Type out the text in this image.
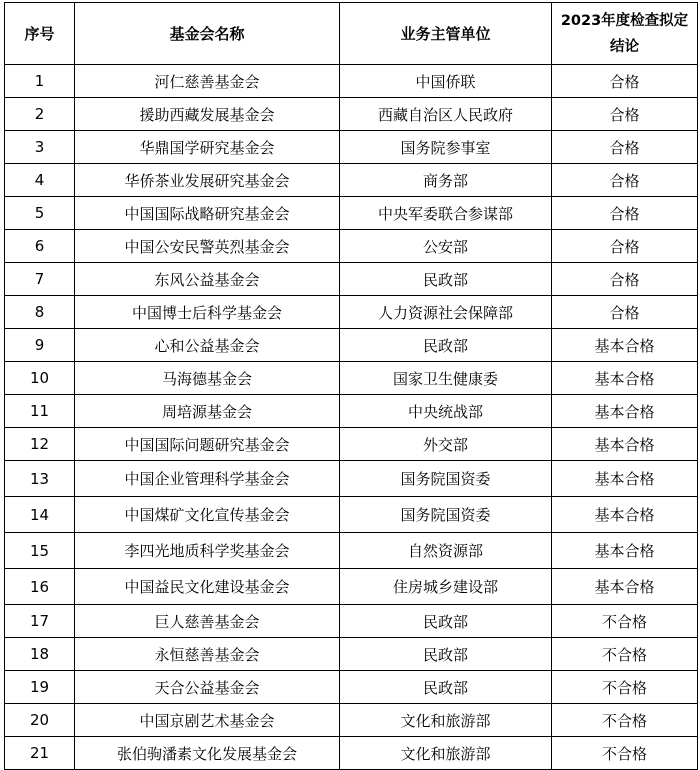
序号	基金会名称	业务主管单位	2023年度检查拟定结论
1	河仁慈善基金会	中国侨联	合格
2	援助西藏发展基金会	西藏自治区人民政府	合格
3	华鼎国学研究基金会	国务院参事室	合格
4	华侨茶业发展研究基金会	商务部	合格
5	中国国际战略研究基金会	中央军委联合参谋部	合格
6	中国公安民警英烈基金会	公安部	合格
7	东风公益基金会	民政部	合格
8	中国博士后科学基金会	人力资源社会保障部	合格
9	心和公益基金会	民政部	基本合格
10	马海德基金会	国家卫生健康委	基本合格
11	周培源基金会	中央统战部	基本合格
12	中国国际问题研究基金会	外交部	基本合格
13	中国企业管理科学基金会	国务院国资委	基本合格
14	中国煤矿文化宣传基金会	国务院国资委	基本合格
15	李四光地质科学奖基金会	自然资源部	基本合格
16	中国益民文化建设基金会	住房城乡建设部	基本合格
17	巨人慈善基金会	民政部	不合格
18	永恒慈善基金会	民政部	不合格
19	天合公益基金会	民政部	不合格
20	中国京剧艺术基金会	文化和旅游部	不合格
21	张伯驹潘素文化发展基金会	文化和旅游部	不合格
